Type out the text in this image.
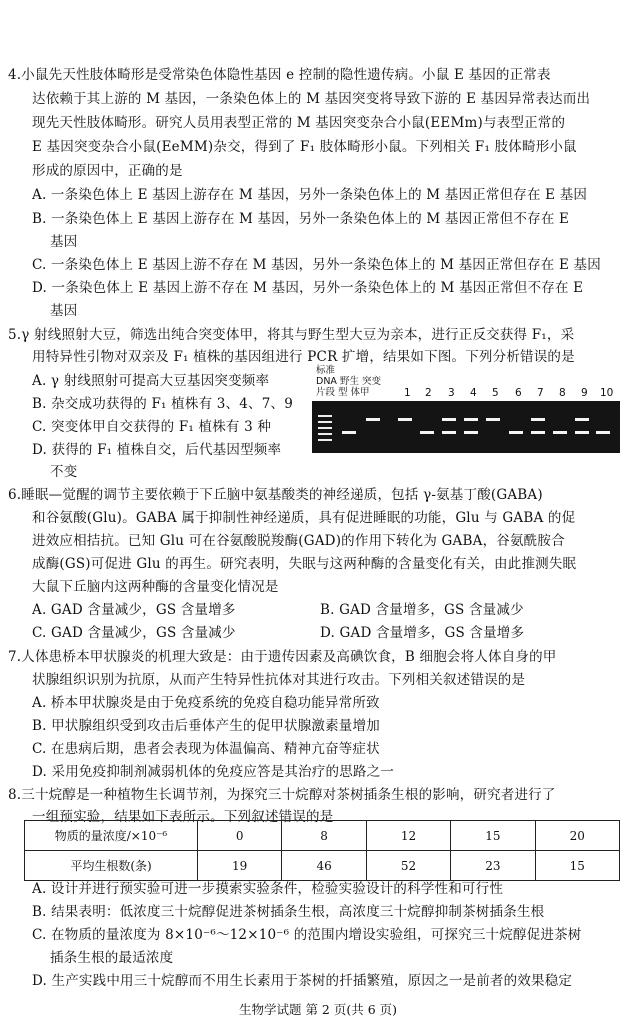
4.小鼠先天性肢体畸形是受常染色体隐性基因 e 控制的隐性遗传病。小鼠 E 基因的正常表
达依赖于其上游的 M 基因，一条染色体上的 M 基因突变将导致下游的 E 基因异常表达而出
现先天性肢体畸形。研究人员用表型正常的 M 基因突变杂合小鼠(EEMm)与表型正常的
E 基因突变杂合小鼠(EeMM)杂交，得到了 F₁ 肢体畸形小鼠。下列相关 F₁ 肢体畸形小鼠
形成的原因中，正确的是
A. 一条染色体上 E 基因上游存在 M 基因，另外一条染色体上的 M 基因正常但存在 E 基因
B. 一条染色体上 E 基因上游存在 M 基因，另外一条染色体上的 M 基因正常但不存在 E
基因
C. 一条染色体上 E 基因上游不存在 M 基因，另外一条染色体上的 M 基因正常但存在 E 基因
D. 一条染色体上 E 基因上游不存在 M 基因，另外一条染色体上的 M 基因正常但不存在 E
基因
5.γ 射线照射大豆，筛选出纯合突变体甲，将其与野生型大豆为亲本，进行正反交获得 F₁，采
用特异性引物对双亲及 F₁ 植株的基因组进行 PCR 扩增，结果如下图。下列分析错误的是
A. γ 射线照射可提高大豆基因突变频率
B. 杂交成功获得的 F₁ 植株有 3、4、7、9
C. 突变体甲自交获得的 F₁ 植株有 3 种
D. 获得的 F₁ 植株自交，后代基因型频率
不变
标准
DNA 野生 突变
片段 型 体甲	1 2 3 4 5 6 7 8 9 10
6.睡眠—觉醒的调节主要依赖于下丘脑中氨基酸类的神经递质，包括 γ-氨基丁酸(GABA)
和谷氨酸(Glu)。GABA 属于抑制性神经递质，具有促进睡眠的功能，Glu 与 GABA 的促
进效应相拮抗。已知 Glu 可在谷氨酸脱羧酶(GAD)的作用下转化为 GABA，谷氨酰胺合
成酶(GS)可促进 Glu 的再生。研究表明，失眠与这两种酶的含量变化有关，由此推测失眠
大鼠下丘脑内这两种酶的含量变化情况是
A. GAD 含量减少，GS 含量增多	B. GAD 含量增多，GS 含量减少
C. GAD 含量减少，GS 含量减少	D. GAD 含量增多，GS 含量增多
7.人体患桥本甲状腺炎的机理大致是：由于遗传因素及高碘饮食，B 细胞会将人体自身的甲
状腺组织识别为抗原，从而产生特异性抗体对其进行攻击。下列相关叙述错误的是
A. 桥本甲状腺炎是由于免疫系统的免疫自稳功能异常所致
B. 甲状腺组织受到攻击后垂体产生的促甲状腺激素量增加
C. 在患病后期，患者会表现为体温偏高、精神亢奋等症状
D. 采用免疫抑制剂减弱机体的免疫应答是其治疗的思路之一
8.三十烷醇是一种植物生长调节剂，为探究三十烷醇对茶树插条生根的影响，研究者进行了
一组预实验，结果如下表所示。下列叙述错误的是
物质的量浓度/×10⁻⁶	0	8	12	15	20
平均生根数(条)	19	46	52	23	15
A. 设计并进行预实验可进一步摸索实验条件，检验实验设计的科学性和可行性
B. 结果表明：低浓度三十烷醇促进茶树插条生根，高浓度三十烷醇抑制茶树插条生根
C. 在物质的量浓度为 8×10⁻⁶～12×10⁻⁶ 的范围内增设实验组，可探究三十烷醇促进茶树
插条生根的最适浓度
D. 生产实践中用三十烷醇而不用生长素用于茶树的扦插繁殖，原因之一是前者的效果稳定
生物学试题 第 2 页(共 6 页)
